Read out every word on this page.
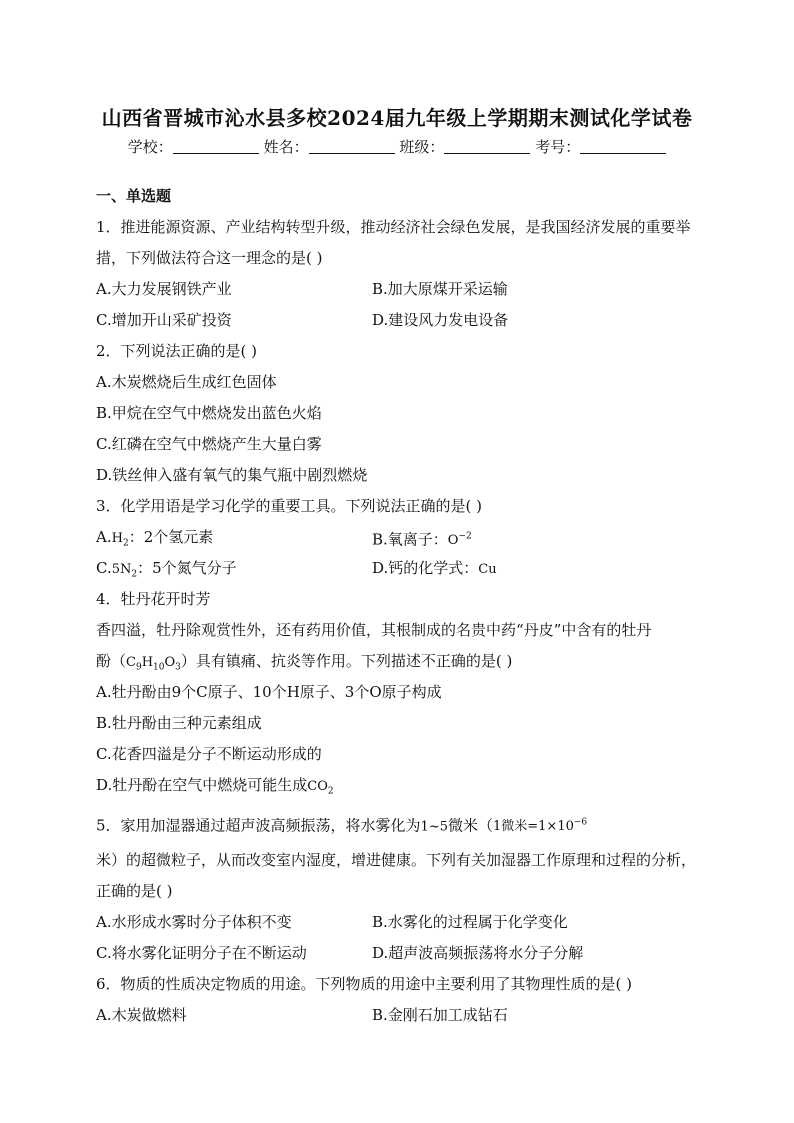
山西省晋城市沁水县多校2024届九年级上学期期末测试化学试卷
学校：	姓名：	班级：	考号：
一、单选题
1．推进能源资源、产业结构转型升级，推动经济社会绿色发展，是我国经济发展的重要举措，下列做法符合这一理念的是( )
A.大力发展钢铁产业	B.加大原煤开采运输
C.增加开山采矿投资	D.建设风力发电设备
2．下列说法正确的是( )
A.木炭燃烧后生成红色固体
B.甲烷在空气中燃烧发出蓝色火焰
C.红磷在空气中燃烧产生大量白雾
D.铁丝伸入盛有氧气的集气瓶中剧烈燃烧
3．化学用语是学习化学的重要工具。下列说法正确的是( )
$A.H_2$：2个氢元素	B.氧离子：$O^{-2}$
$C.5N_2$：5个氮气分子	D.钙的化学式：Cu
4．牡丹花开时芳
香四溢，牡丹除观赏性外，还有药用价值，其根制成的名贵中药“丹皮”中含有的牡丹
酚$(C_9H_{10}O_3)$具有镇痛、抗炎等作用。下列描述不正确的是( )
A.牡丹酚由9个C原子、10个H原子、3个O原子构成
B.牡丹酚由三种元素组成
C.花香四溢是分子不断运动形成的
D.牡丹酚在空气中燃烧可能生成$CO_2$
5．家用加湿器通过超声波高频振荡，将水雾化为1~5微米（1微米$=1\times 10^{-6}$
米）的超微粒子，从而改变室内湿度，增进健康。下列有关加湿器工作原理和过程的分析，正确的是( )
A.水形成水雾时分子体积不变	B.水雾化的过程属于化学变化
C.将水雾化证明分子在不断运动	D.超声波高频振荡将水分子分解
6．物质的性质决定物质的用途。下列物质的用途中主要利用了其物理性质的是( )
A.木炭做燃料	B.金刚石加工成钻石
